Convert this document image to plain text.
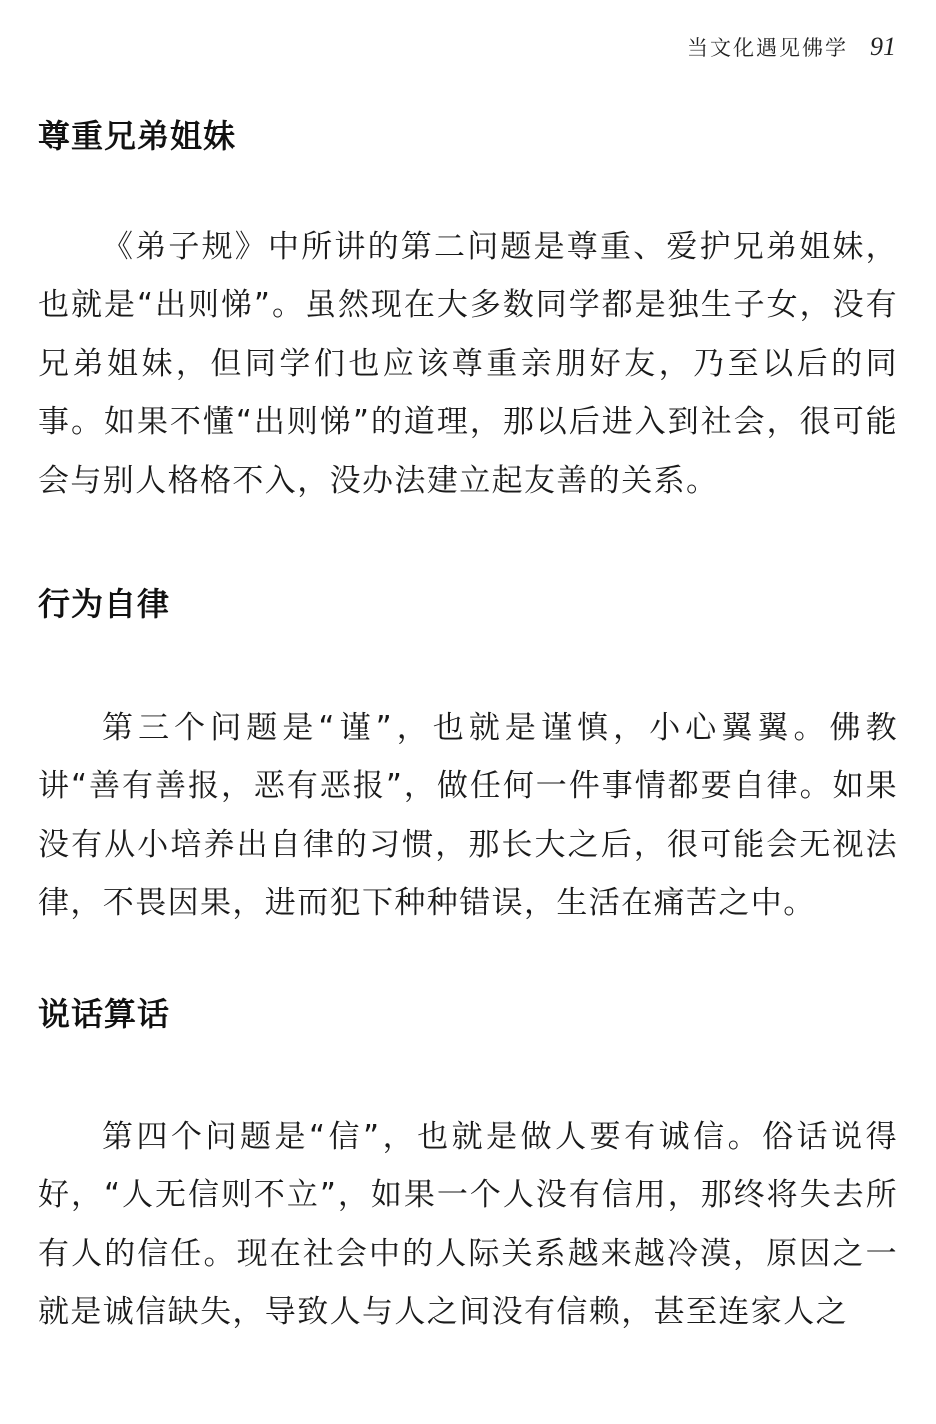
当文化遇见佛学 91
尊重兄弟姐妹

《弟子规》中所讲的第二问题是尊重、爱护兄弟姐妹，也就是“出则悌”。虽然现在大多数同学都是独生子女，没有兄弟姐妹，但同学们也应该尊重亲朋好友，乃至以后的同事。如果不懂“出则悌”的道理，那以后进入到社会，很可能会与别人格格不入，没办法建立起友善的关系。

行为自律

第三个问题是“谨”，也就是谨慎，小心翼翼。佛教讲“善有善报，恶有恶报”，做任何一件事情都要自律。如果没有从小培养出自律的习惯，那长大之后，很可能会无视法律，不畏因果，进而犯下种种错误，生活在痛苦之中。

说话算话

第四个问题是“信”，也就是做人要有诚信。俗话说得好，“人无信则不立”，如果一个人没有信用，那终将失去所有人的信任。现在社会中的人际关系越来越冷漠，原因之一就是诚信缺失，导致人与人之间没有信赖，甚至连家人之
